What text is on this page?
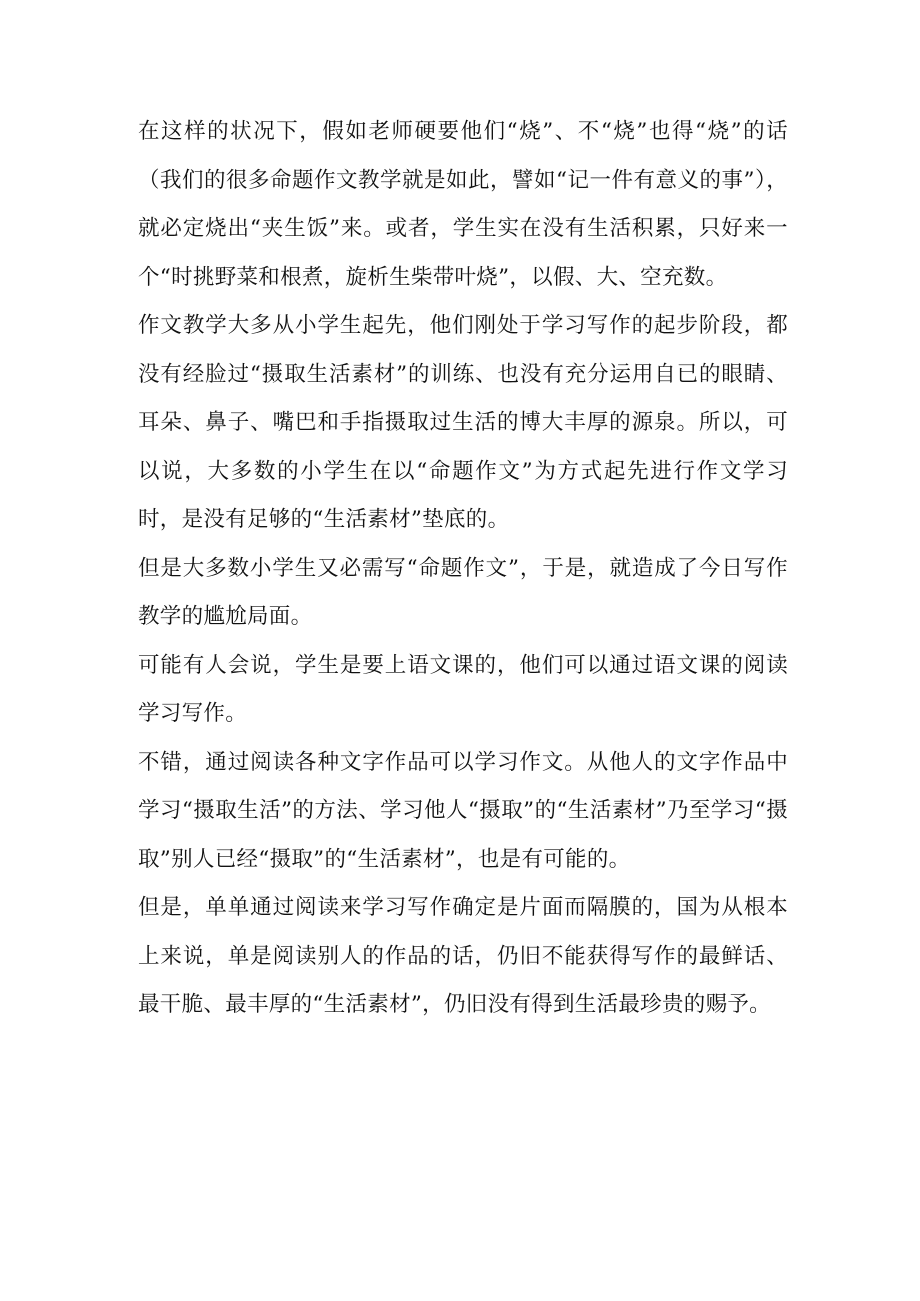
在这样的状况下，假如老师硬要他们“烧”、不“烧”也得“烧”的话（我们的很多命题作文教学就是如此，譬如“记一件有意义的事”），就必定烧出“夹生饭”来。或者，学生实在没有生活积累，只好来一个“时挑野菜和根煮，旋析生柴带叶烧”，以假、大、空充数。

作文教学大多从小学生起先，他们刚处于学习写作的起步阶段，都没有经脸过“摄取生活素材”的训练、也没有充分运用自已的眼睛、耳朵、鼻子、嘴巴和手指摄取过生活的博大丰厚的源泉。所以，可以说，大多数的小学生在以“命题作文”为方式起先进行作文学习时，是没有足够的“生活素材”垫底的。

但是大多数小学生又必需写“命题作文”，于是，就造成了今日写作教学的尴尬局面。

可能有人会说，学生是要上语文课的，他们可以通过语文课的阅读学习写作。

不错，通过阅读各种文字作品可以学习作文。从他人的文字作品中学习“摄取生活”的方法、学习他人“摄取”的“生活素材”乃至学习“摄取”别人已经“摄取”的“生活素材”，也是有可能的。

但是，单单通过阅读来学习写作确定是片面而隔膜的，国为从根本上来说，单是阅读别人的作品的话，仍旧不能获得写作的最鲜话、最干脆、最丰厚的“生活素材”，仍旧没有得到生活最珍贵的赐予。
